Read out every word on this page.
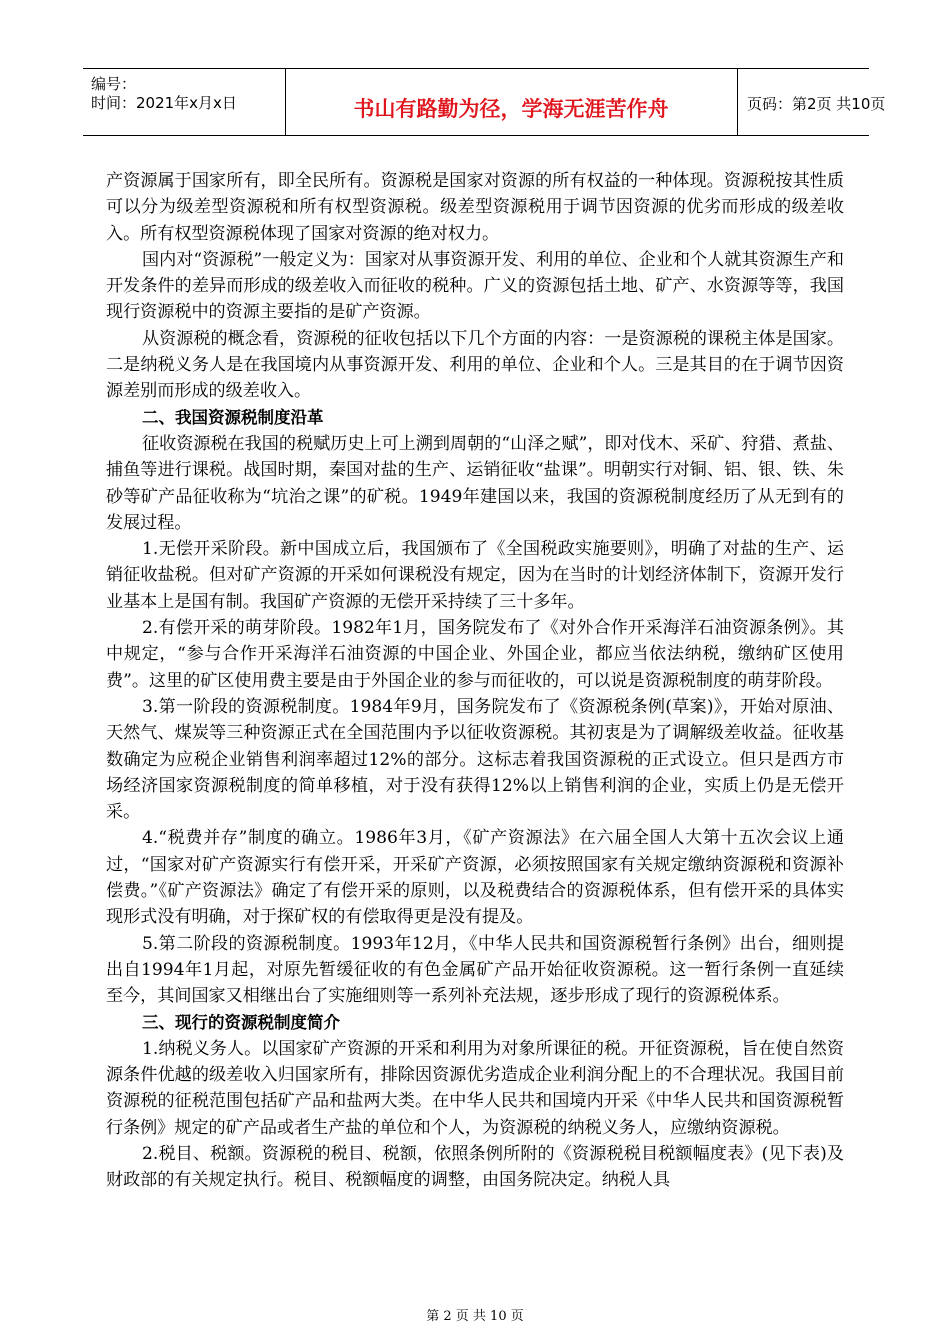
编号：
时间：2021年x月x日	书山有路勤为径，学海无涯苦作舟	页码：第2页 共10页

产资源属于国家所有，即全民所有。资源税是国家对资源的所有权益的一种体现。资源税按其性质可以分为级差型资源税和所有权型资源税。级差型资源税用于调节因资源的优劣而形成的级差收入。所有权型资源税体现了国家对资源的绝对权力。

国内对“资源税”一般定义为：国家对从事资源开发、利用的单位、企业和个人就其资源生产和开发条件的差异而形成的级差收入而征收的税种。广义的资源包括土地、矿产、水资源等等，我国现行资源税中的资源主要指的是矿产资源。

从资源税的概念看，资源税的征收包括以下几个方面的内容：一是资源税的课税主体是国家。二是纳税义务人是在我国境内从事资源开发、利用的单位、企业和个人。三是其目的在于调节因资源差别而形成的级差收入。

二、我国资源税制度沿革

征收资源税在我国的税赋历史上可上溯到周朝的“山泽之赋”，即对伐木、采矿、狩猎、煮盐、捕鱼等进行课税。战国时期，秦国对盐的生产、运销征收“盐课”。明朝实行对铜、铝、银、铁、朱砂等矿产品征收称为“坑治之课”的矿税。1949年建国以来，我国的资源税制度经历了从无到有的发展过程。

1.无偿开采阶段。新中国成立后，我国颁布了《全国税政实施要则》，明确了对盐的生产、运销征收盐税。但对矿产资源的开采如何课税没有规定，因为在当时的计划经济体制下，资源开发行业基本上是国有制。我国矿产资源的无偿开采持续了三十多年。

2.有偿开采的萌芽阶段。1982年1月，国务院发布了《对外合作开采海洋石油资源条例》。其中规定，“参与合作开采海洋石油资源的中国企业、外国企业，都应当依法纳税，缴纳矿区使用费”。这里的矿区使用费主要是由于外国企业的参与而征收的，可以说是资源税制度的萌芽阶段。

3.第一阶段的资源税制度。1984年9月，国务院发布了《资源税条例(草案)》，开始对原油、天然气、煤炭等三种资源正式在全国范围内予以征收资源税。其初衷是为了调解级差收益。征收基数确定为应税企业销售利润率超过12%的部分。这标志着我国资源税的正式设立。但只是西方市场经济国家资源税制度的简单移植，对于没有获得12%以上销售利润的企业，实质上仍是无偿开采。

4.“税费并存”制度的确立。1986年3月，《矿产资源法》在六届全国人大第十五次会议上通过，“国家对矿产资源实行有偿开采，开采矿产资源，必须按照国家有关规定缴纳资源税和资源补偿费。”《矿产资源法》确定了有偿开采的原则，以及税费结合的资源税体系，但有偿开采的具体实现形式没有明确，对于探矿权的有偿取得更是没有提及。

5.第二阶段的资源税制度。1993年12月，《中华人民共和国资源税暂行条例》出台，细则提出自1994年1月起，对原先暂缓征收的有色金属矿产品开始征收资源税。这一暂行条例一直延续至今，其间国家又相继出台了实施细则等一系列补充法规，逐步形成了现行的资源税体系。

三、现行的资源税制度简介

1.纳税义务人。以国家矿产资源的开采和利用为对象所课征的税。开征资源税，旨在使自然资源条件优越的级差收入归国家所有，排除因资源优劣造成企业利润分配上的不合理状况。我国目前资源税的征税范围包括矿产品和盐两大类。在中华人民共和国境内开采《中华人民共和国资源税暂行条例》规定的矿产品或者生产盐的单位和个人，为资源税的纳税义务人，应缴纳资源税。

2.税目、税额。资源税的税目、税额，依照条例所附的《资源税税目税额幅度表》(见下表)及财政部的有关规定执行。税目、税额幅度的调整，由国务院决定。纳税人具

第 2 页 共 10 页
